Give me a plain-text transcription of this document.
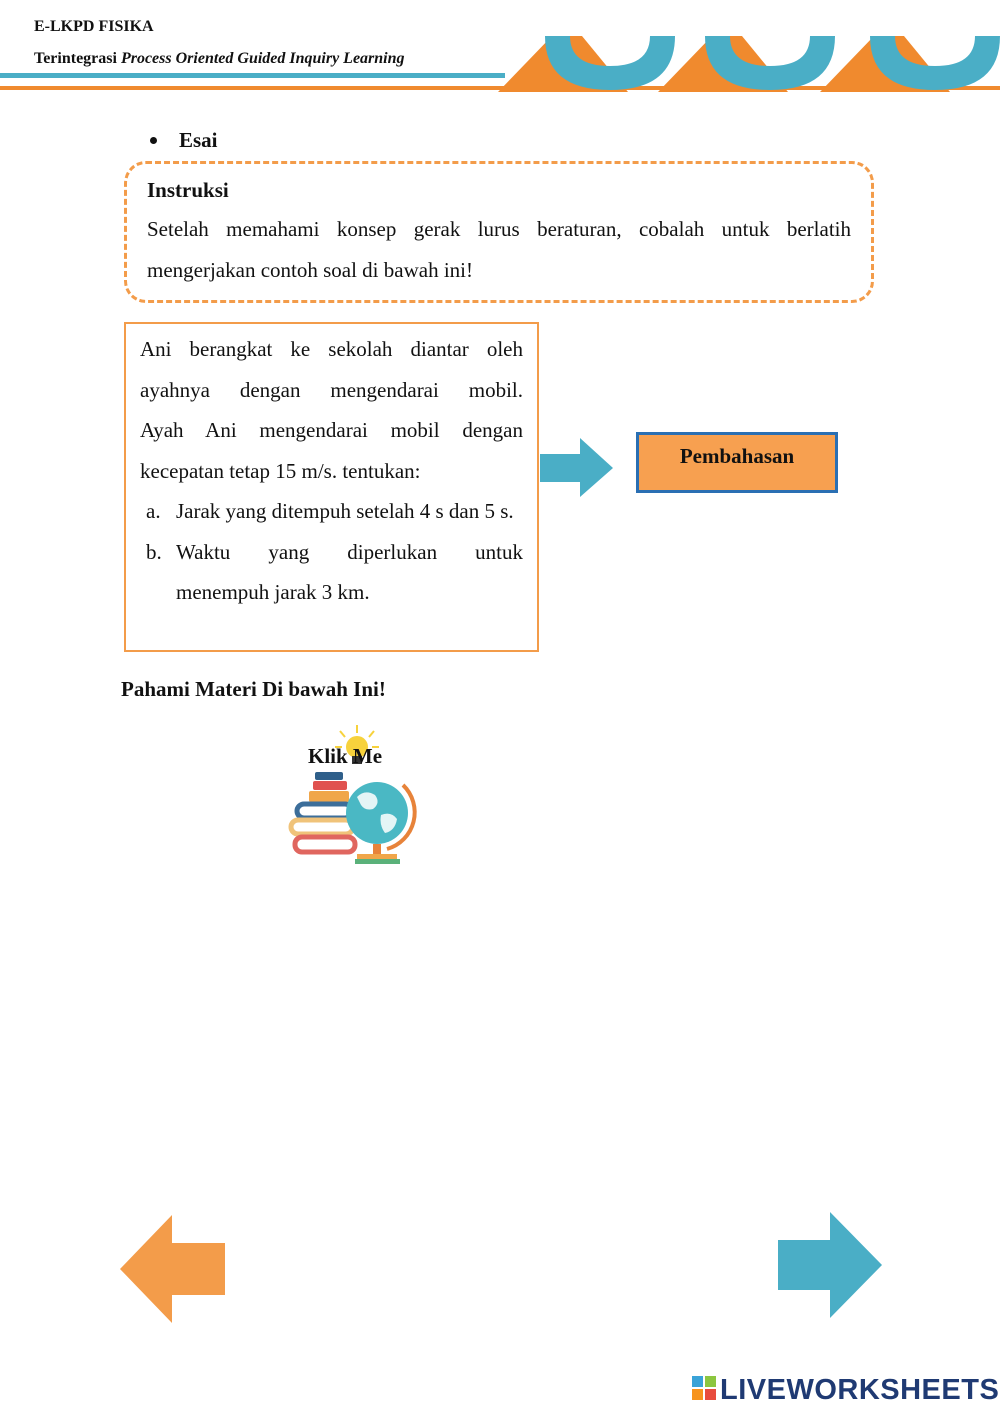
E-LKPD FISIKA
Terintegrasi Process Oriented Guided Inquiry Learning
Esai
Instruksi
Setelah memahami konsep gerak lurus beraturan, cobalah untuk berlatih mengerjakan contoh soal di bawah ini!

Ani berangkat ke sekolah diantar oleh

ayahnya dengan mengendarai mobil.

Ayah Ani mengendarai mobil dengan

kecepatan tetap 15 m/s. tentukan:

a. Jarak yang ditempuh setelah 4 s dan 5 s.
b. Waktu yang diperlukan untuk menempuh jarak 3 km.
Pembahasan
Pahami Materi Di bawah Ini!
Klik Me
LIVEWORKSHEETS
